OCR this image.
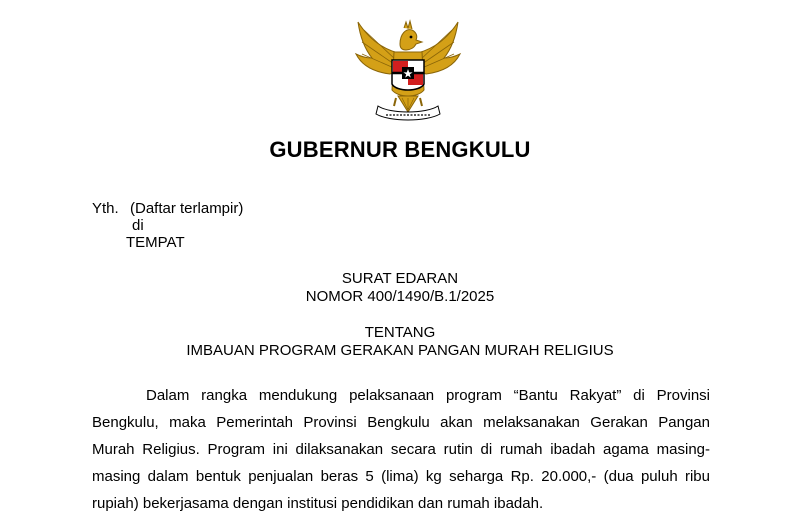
GUBERNUR BENGKULU
Yth. (Daftar terlampir)
di
TEMPAT
SURAT EDARAN
NOMOR 400/1490/B.1/2025
TENTANG
IMBAUAN PROGRAM GERAKAN PANGAN MURAH RELIGIUS
Dalam rangka mendukung pelaksanaan program “Bantu Rakyat” di Provinsi
Bengkulu, maka Pemerintah Provinsi Bengkulu akan melaksanakan Gerakan Pangan
Murah Religius. Program ini dilaksanakan secara rutin di rumah ibadah agama masing-
masing dalam bentuk penjualan beras 5 (lima) kg seharga Rp. 20.000,- (dua puluh ribu
rupiah) bekerjasama dengan institusi pendidikan dan rumah ibadah.
